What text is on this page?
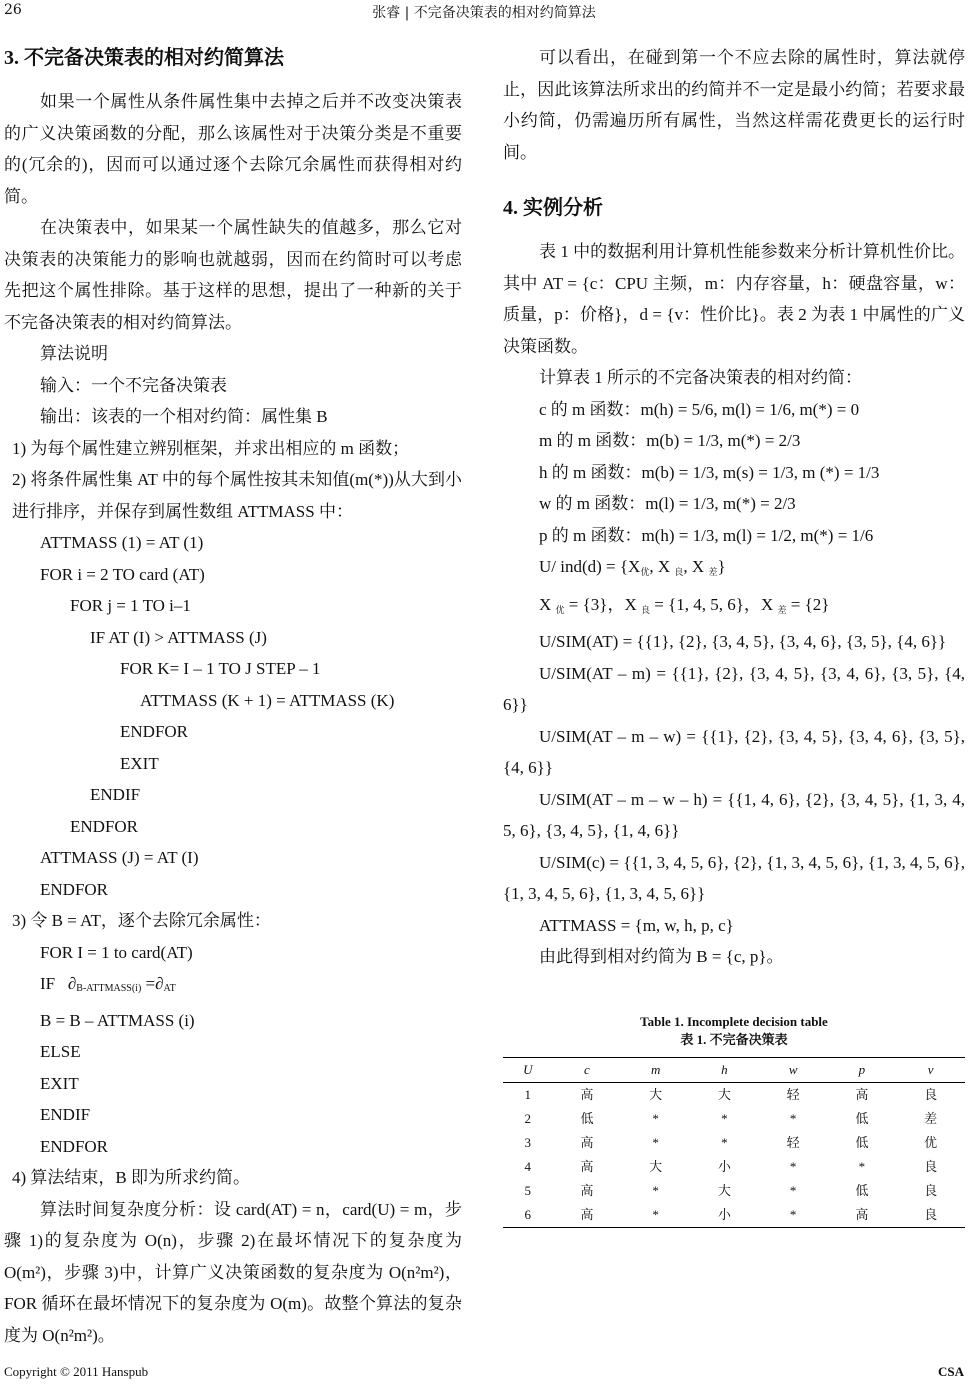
26	张睿 | 不完备决策表的相对约简算法
3. 不完备决策表的相对约简算法

如果一个属性从条件属性集中去掉之后并不改变决策表的广义决策函数的分配，那么该属性对于决策分类是不重要的(冗余的)，因而可以通过逐个去除冗余属性而获得相对约简。

在决策表中，如果某一个属性缺失的值越多，那么它对决策表的决策能力的影响也就越弱，因而在约简时可以考虑先把这个属性排除。基于这样的思想，提出了一种新的关于不完备决策表的相对约简算法。

算法说明
输入：一个不完备决策表
输出：该表的一个相对约简：属性集 B
1) 为每个属性建立辨别框架，并求出相应的 m 函数；

2) 将条件属性集 AT 中的每个属性按其未知值(m(*))从大到小进行排序，并保存到属性数组 ATTMASS 中：

ATTMASS (1) = AT (1)
FOR i = 2 TO card (AT)
FOR j = 1 TO i–1
IF AT (I) > ATTMASS (J)
FOR K= I – 1 TO J STEP – 1
ATTMASS (K + 1) = ATTMASS (K)
ENDFOR
EXIT
ENDIF
ENDFOR
ATTMASS (J) = AT (I)
ENDFOR
3) 令 B = AT，逐个去除冗余属性：
FOR I = 1 to card(AT)
IF $\partial_{B-ATTMASS(i)} =\partial_{AT}$
B = B – ATTMASS (i)
ELSE
EXIT
ENDIF
ENDFOR
4) 算法结束，B 即为所求约简。

算法时间复杂度分析：设 card(AT) = n，card(U) = m，步骤 1)的复杂度为 O(n)，步骤 2)在最坏情况下的复杂度为 O(m²)，步骤 3)中，计算广义决策函数的复杂度为 O(n²m²)，FOR 循环在最坏情况下的复杂度为 O(m)。故整个算法的复杂度为 O(n²m²)。

可以看出，在碰到第一个不应去除的属性时，算法就停止，因此该算法所求出的约简并不一定是最小约简；若要求最小约简，仍需遍历所有属性，当然这样需花费更长的运行时间。

4. 实例分析

表 1 中的数据利用计算机性能参数来分析计算机性价比。其中 AT = {c：CPU 主频，m：内存容量，h：硬盘容量，w：质量，p：价格}，d = {v：性价比}。表 2 为表 1 中属性的广义决策函数。

计算表 1 所示的不完备决策表的相对约简：

c 的 m 函数：m(h) = 5/6, m(l) = 1/6, m(*) = 0
m 的 m 函数：m(b) = 1/3, m(*) = 2/3
h 的 m 函数：m(b) = 1/3, m(s) = 1/3, m (*) = 1/3
w 的 m 函数：m(l) = 1/3, m(*) = 2/3
p 的 m 函数：m(h) = 1/3, m(l) = 1/2, m(*) = 1/6
U/ ind(d) = {X优, X 良, X 差}
X 优 = {3}，X 良 = {1, 4, 5, 6}，X 差 = {2}

U/SIM(AT) = {{1}, {2}, {3, 4, 5}, {3, 4, 6}, {3, 5}, {4, 6}}

U/SIM(AT – m) = {{1}, {2}, {3, 4, 5}, {3, 4, 6}, {3, 5}, {4, 6}}

U/SIM(AT – m – w) = {{1}, {2}, {3, 4, 5}, {3, 4, 6}, {3, 5}, {4, 6}}

U/SIM(AT – m – w – h) = {{1, 4, 6}, {2}, {3, 4, 5}, {1, 3, 4, 5, 6}, {3, 4, 5}, {1, 4, 6}}

U/SIM(c) = {{1, 3, 4, 5, 6}, {2}, {1, 3, 4, 5, 6}, {1, 3, 4, 5, 6}, {1, 3, 4, 5, 6}, {1, 3, 4, 5, 6}}

ATTMASS = {m, w, h, p, c}
由此得到相对约简为 B = {c, p}。
Table 1. Incomplete decision table
表 1. 不完备决策表
U	c	m	h	w	p	v
1	高	大	大	轻	高	良
2	低	*	*	*	低	差
3	高	*	*	轻	低	优
4	高	大	小	*	*	良
5	高	*	大	*	低	良
6	高	*	小	*	高	良
Copyright © 2011 Hanspub	CSA
